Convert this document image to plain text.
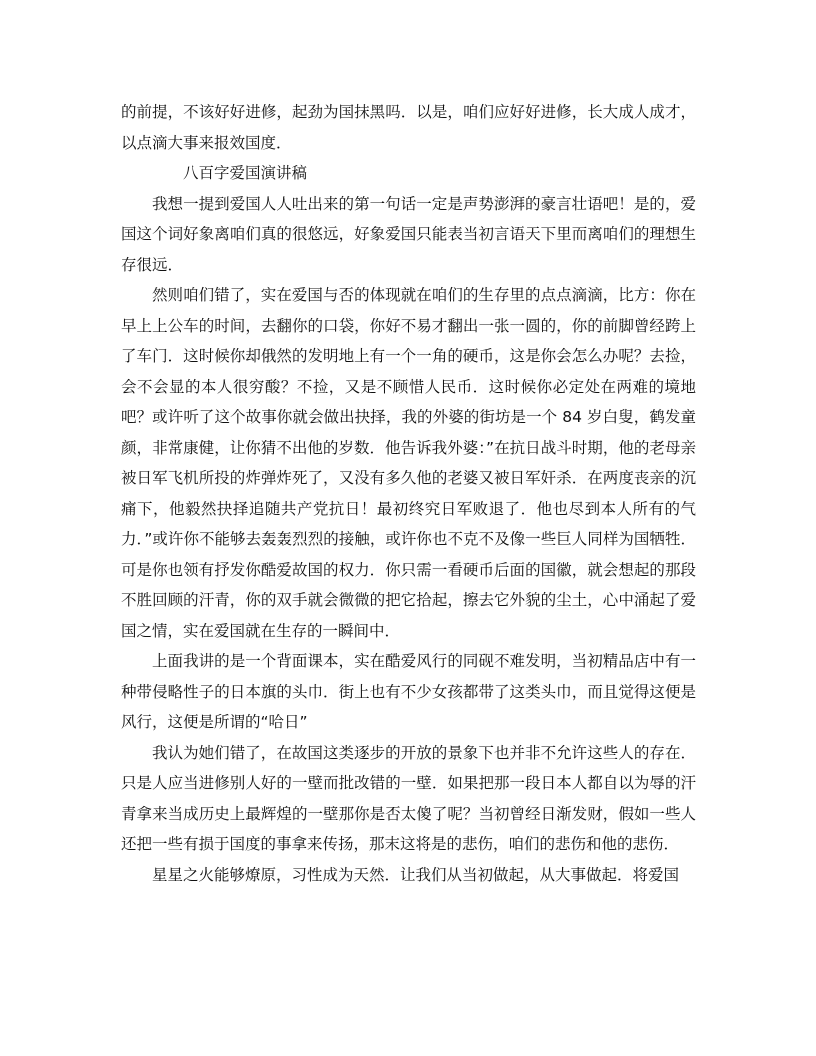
的前提，不该好好进修，起劲为国抹黑吗．以是，咱们应好好进修，长大成人成才，以点滴大事来报效国度．

八百字爱国演讲稿

我想一提到爱国人人吐出来的第一句话一定是声势澎湃的豪言壮语吧！是的，爱国这个词好象离咱们真的很悠远，好象爱国只能表当初言语天下里而离咱们的理想生存很远．

然则咱们错了，实在爱国与否的体现就在咱们的生存里的点点滴滴，比方：你在早上上公车的时间，去翻你的口袋，你好不易才翻出一张一圆的，你的前脚曾经跨上了车门．这时候你却俄然的发明地上有一个一角的硬币，这是你会怎么办呢？去捡，会不会显的本人很穷酸？不捡，又是不顾惜人民币．这时候你必定处在两难的境地吧？或许听了这个故事你就会做出抉择，我的外婆的街坊是一个 84 岁白叟，鹤发童颜，非常康健，让你猜不出他的岁数．他告诉我外婆：”在抗日战斗时期，他的老母亲被日军飞机所投的炸弹炸死了，又没有多久他的老婆又被日军奸杀．在两度丧亲的沉痛下，他毅然抉择追随共产党抗日！最初终究日军败退了．他也尽到本人所有的气力．”或许你不能够去轰轰烈烈的接触，或许你也不克不及像一些巨人同样为国牺牲．可是你也领有抒发你酷爱故国的权力．你只需一看硬币后面的国徽，就会想起的那段不胜回顾的汗青，你的双手就会微微的把它拾起，擦去它外貌的尘土，心中涌起了爱国之情，实在爱国就在生存的一瞬间中．

上面我讲的是一个背面课本，实在酷爱风行的同砚不难发明，当初精品店中有一种带侵略性子的日本旗的头巾．街上也有不少女孩都带了这类头巾，而且觉得这便是风行，这便是所谓的“哈日”

我认为她们错了，在故国这类逐步的开放的景象下也并非不允许这些人的存在．只是人应当进修别人好的一壁而批改错的一壁．如果把那一段日本人都自以为辱的汗青拿来当成历史上最辉煌的一壁那你是否太傻了呢？当初曾经日渐发财，假如一些人还把一些有损于国度的事拿来传扬，那末这将是的悲伤，咱们的悲伤和他的悲伤．

星星之火能够燎原，习性成为天然．让我们从当初做起，从大事做起．将爱国
